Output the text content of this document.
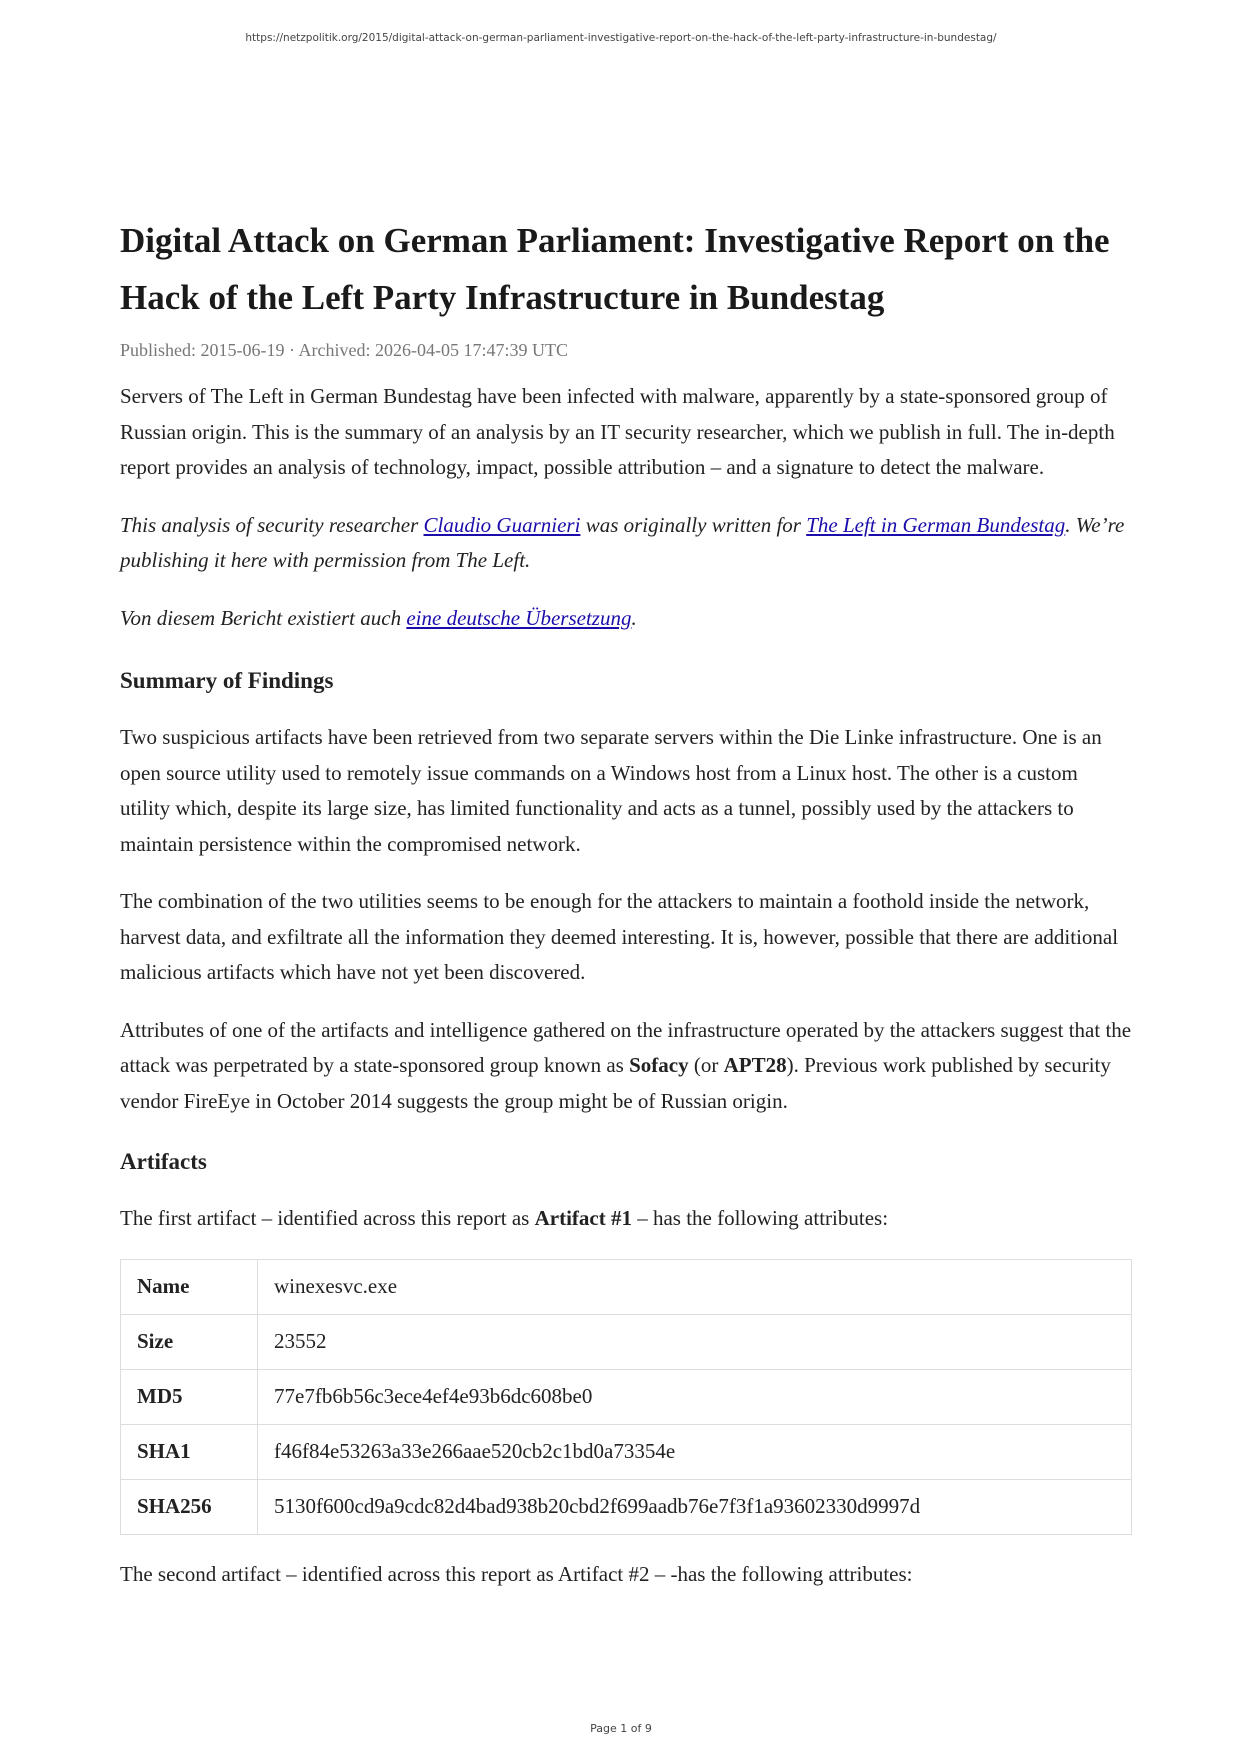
https://netzpolitik.org/2015/digital-attack-on-german-parliament-investigative-report-on-the-hack-of-the-left-party-infrastructure-in-bundestag/
Digital Attack on German Parliament: Investigative Report on the Hack of the Left Party Infrastructure in Bundestag
Published: 2015-06-19 · Archived: 2026-04-05 17:47:39 UTC

Servers of The Left in German Bundestag have been infected with malware, apparently by a state-sponsored group of Russian origin. This is the summary of an analysis by an IT security researcher, which we publish in full. The in-depth report provides an analysis of technology, impact, possible attribution – and a signature to detect the malware.

This analysis of security researcher Claudio Guarnieri was originally written for The Left in German Bundestag. We’re publishing it here with permission from The Left.

Von diesem Bericht existiert auch eine deutsche Übersetzung.

Summary of Findings

Two suspicious artifacts have been retrieved from two separate servers within the Die Linke infrastructure. One is an open source utility used to remotely issue commands on a Windows host from a Linux host. The other is a custom utility which, despite its large size, has limited functionality and acts as a tunnel, possibly used by the attackers to maintain persistence within the compromised network.

The combination of the two utilities seems to be enough for the attackers to maintain a foothold inside the network, harvest data, and exfiltrate all the information they deemed interesting. It is, however, possible that there are additional malicious artifacts which have not yet been discovered.

Attributes of one of the artifacts and intelligence gathered on the infrastructure operated by the attackers suggest that the attack was perpetrated by a state-sponsored group known as Sofacy (or APT28). Previous work published by security vendor FireEye in October 2014 suggests the group might be of Russian origin.

Artifacts

The first artifact – identified across this report as Artifact #1 – has the following attributes:

Name	winexesvc.exe
Size	23552
MD5	77e7fb6b56c3ece4ef4e93b6dc608be0
SHA1	f46f84e53263a33e266aae520cb2c1bd0a73354e
SHA256	5130f600cd9a9cdc82d4bad938b20cbd2f699aadb76e7f3f1a93602330d9997d

The second artifact – identified across this report as Artifact #2 – -has the following attributes:

Page 1 of 9
